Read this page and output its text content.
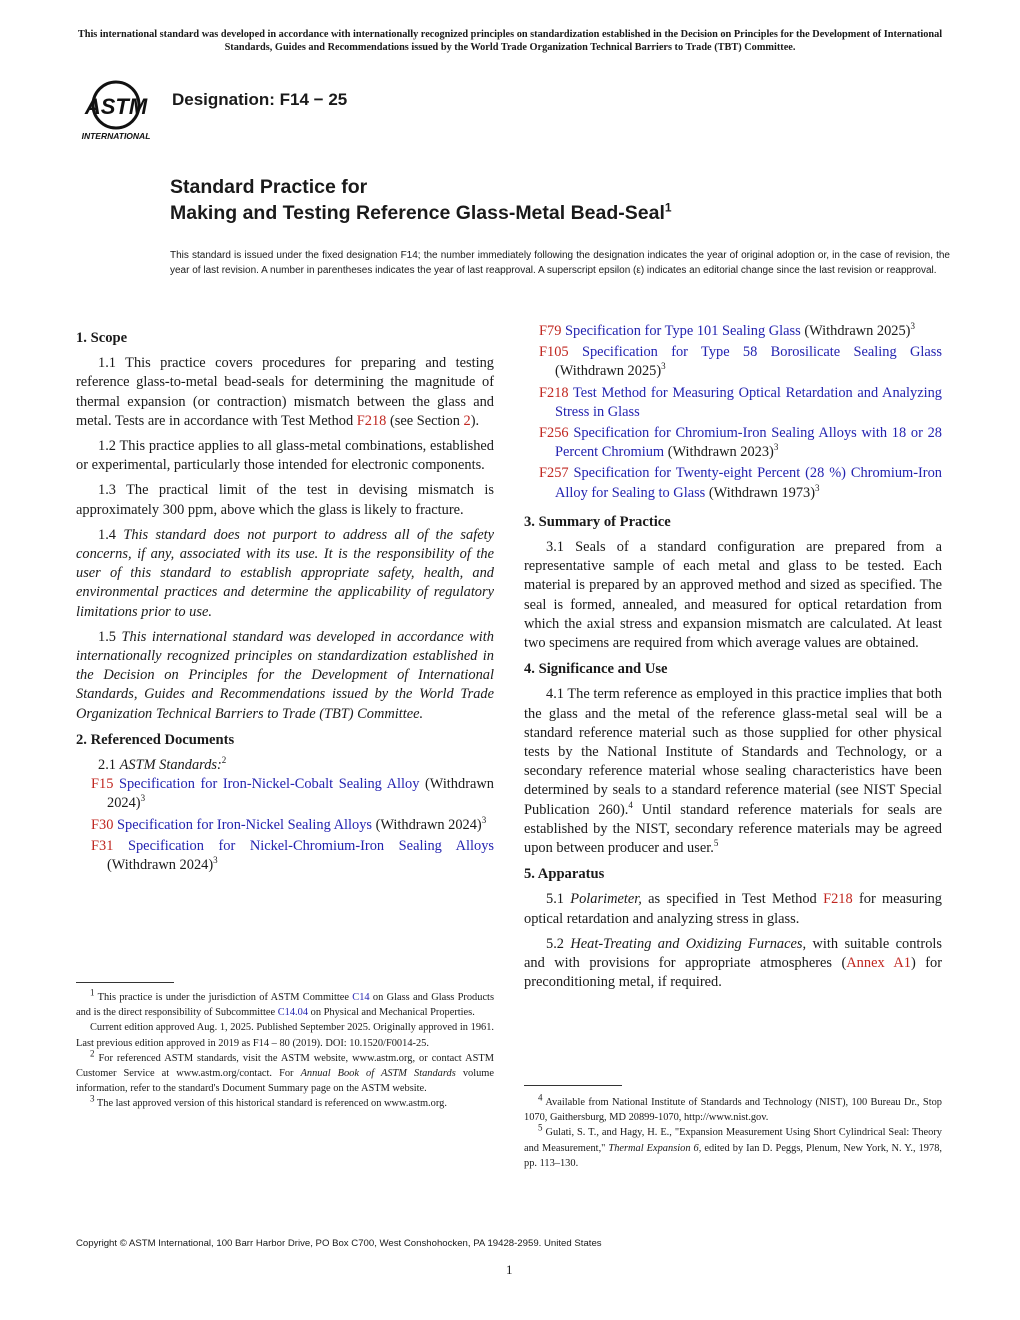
This international standard was developed in accordance with internationally recognized principles on standardization established in the Decision on Principles for the Development of International Standards, Guides and Recommendations issued by the World Trade Organization Technical Barriers to Trade (TBT) Committee.
ASTM
INTERNATIONAL
Designation: F14 − 25
Standard Practice for
Making and Testing Reference Glass-Metal Bead-Seal$^1$
This standard is issued under the fixed designation F14; the number immediately following the designation indicates the year of original adoption or, in the case of revision, the year of last revision. A number in parentheses indicates the year of last reapproval. A superscript epsilon (ε) indicates an editorial change since the last revision or reapproval.
1. Scope

1.1 This practice covers procedures for preparing and testing reference glass-to-metal bead-seals for determining the magnitude of thermal expansion (or contraction) mismatch between the glass and metal. Tests are in accordance with Test Method F218 (see Section 2).

1.2 This practice applies to all glass-metal combinations, established or experimental, particularly those intended for electronic components.

1.3 The practical limit of the test in devising mismatch is approximately 300 ppm, above which the glass is likely to fracture.

1.4 This standard does not purport to address all of the safety concerns, if any, associated with its use. It is the responsibility of the user of this standard to establish appropriate safety, health, and environmental practices and determine the applicability of regulatory limitations prior to use.

1.5 This international standard was developed in accordance with internationally recognized principles on standardization established in the Decision on Principles for the Development of International Standards, Guides and Recommendations issued by the World Trade Organization Technical Barriers to Trade (TBT) Committee.

2. Referenced Documents

2.1 ASTM Standards:$^2$

F15 Specification for Iron-Nickel-Cobalt Sealing Alloy (Withdrawn 2024)$^3$

F30 Specification for Iron-Nickel Sealing Alloys (Withdrawn 2024)$^3$

F31 Specification for Nickel-Chromium-Iron Sealing Alloys (Withdrawn 2024)$^3$

$^1$ This practice is under the jurisdiction of ASTM Committee C14 on Glass and Glass Products and is the direct responsibility of Subcommittee C14.04 on Physical and Mechanical Properties.

Current edition approved Aug. 1, 2025. Published September 2025. Originally approved in 1961. Last previous edition approved in 2019 as F14 – 80 (2019). DOI: 10.1520/F0014-25.

$^2$ For referenced ASTM standards, visit the ASTM website, www.astm.org, or contact ASTM Customer Service at www.astm.org/contact. For Annual Book of ASTM Standards volume information, refer to the standard's Document Summary page on the ASTM website.

$^3$ The last approved version of this historical standard is referenced on www.astm.org.

F79 Specification for Type 101 Sealing Glass (Withdrawn 2025)$^3$

F105 Specification for Type 58 Borosilicate Sealing Glass (Withdrawn 2025)$^3$

F218 Test Method for Measuring Optical Retardation and Analyzing Stress in Glass

F256 Specification for Chromium-Iron Sealing Alloys with 18 or 28 Percent Chromium (Withdrawn 2023)$^3$

F257 Specification for Twenty-eight Percent (28 %) Chromium-Iron Alloy for Sealing to Glass (Withdrawn 1973)$^3$

3. Summary of Practice

3.1 Seals of a standard configuration are prepared from a representative sample of each metal and glass to be tested. Each material is prepared by an approved method and sized as specified. The seal is formed, annealed, and measured for optical retardation from which the axial stress and expansion mismatch are calculated. At least two specimens are required from which average values are obtained.

4. Significance and Use

4.1 The term reference as employed in this practice implies that both the glass and the metal of the reference glass-metal seal will be a standard reference material such as those supplied for other physical tests by the National Institute of Standards and Technology, or a secondary reference material whose sealing characteristics have been determined by seals to a standard reference material (see NIST Special Publication 260).$^4$ Until standard reference materials for seals are established by the NIST, secondary reference materials may be agreed upon between producer and user.$^5$

5. Apparatus

5.1 Polarimeter, as specified in Test Method F218 for measuring optical retardation and analyzing stress in glass.

5.2 Heat-Treating and Oxidizing Furnaces, with suitable controls and with provisions for appropriate atmospheres (Annex A1) for preconditioning metal, if required.

$^4$ Available from National Institute of Standards and Technology (NIST), 100 Bureau Dr., Stop 1070, Gaithersburg, MD 20899-1070, http://www.nist.gov.

$^5$ Gulati, S. T., and Hagy, H. E., "Expansion Measurement Using Short Cylindrical Seal: Theory and Measurement," Thermal Expansion 6, edited by Ian D. Peggs, Plenum, New York, N. Y., 1978, pp. 113–130.

Copyright © ASTM International, 100 Barr Harbor Drive, PO Box C700, West Conshohocken, PA 19428-2959. United States
1
